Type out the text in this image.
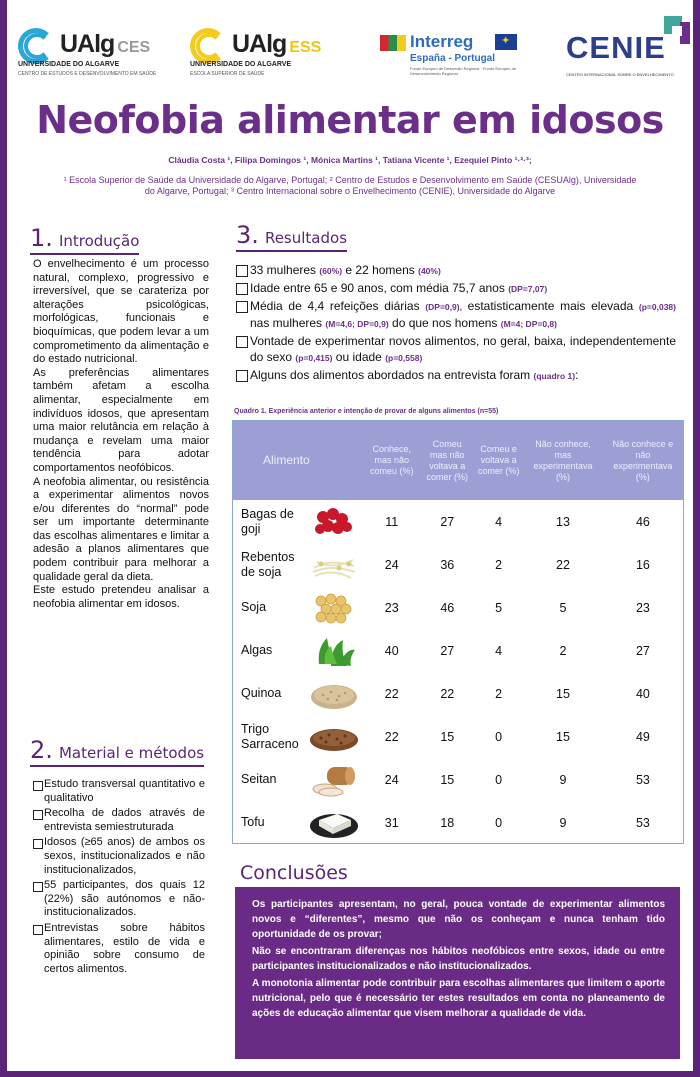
UAlg CES
UNIVERSIDADE DO ALGARVE
CENTRO DE ESTUDOS E DESENVOLVIMENTO EM SAÚDE
UAlg ESS
UNIVERSIDADE DO ALGARVE
ESCOLA SUPERIOR DE SAÚDE
Interreg
✦
España - Portugal
Fondo Europeo de Desarrollo Regional · Fundo Europeu de Desenvolvimento Regional
CENIE
CENTRO INTERNACIONAL SOBRE O ENVELHECIMENTO
Neofobia alimentar em idosos
Cláudia Costa ¹, Filipa Domingos ¹, Mónica Martins ¹, Tatiana Vicente ¹, Ezequiel Pinto ¹·²·³;
¹ Escola Superior de Saúde da Universidade do Algarve, Portugal; ² Centro de Estudos e Desenvolvimento em Saúde (CESUAlg), Universidade do Algarve, Portugal; ³ Centro Internacional sobre o Envelhecimento (CENIE), Universidade do Algarve
1. Introdução
2. Material e métodos
3. Resultados

O envelhecimento é um processo natural, complexo, progressivo e irreversível, que se carateriza por alterações psicológicas, morfológicas, funcionais e bioquímicas, que podem levar a um comprometimento da alimentação e do estado nutricional.

As preferências alimentares também afetam a escolha alimentar, especialmente em indivíduos idosos, que apresentam uma maior relutância em relação à mudança e revelam uma maior tendência para adotar comportamentos neofóbicos.

A neofobia alimentar, ou resistência a experimentar alimentos novos e/ou diferentes do “normal” pode ser um importante determinante das escolhas alimentares e limitar a adesão a planos alimentares que podem contribuir para melhorar a qualidade geral da dieta.

Este estudo pretendeu analisar a neofobia alimentar em idosos.

Estudo transversal quantitativo e qualitativo
Recolha de dados através de entrevista semiestruturada
Idosos (≥65 anos) de ambos os sexos, institucionalizados e não institucionalizados,
55 participantes, dos quais 12 (22%) são autónomos e não-institucionalizados.
Entrevistas sobre hábitos alimentares, estilo de vida e opinião sobre consumo de certos alimentos.
33 mulheres (60%) e 22 homens (40%)
Idade entre 65 e 90 anos, com média 75,7 anos (DP=7,07)
Média de 4,4 refeições diárias (DP=0,9), estatisticamente mais elevada (p=0,038) nas mulheres (M=4,6; DP=0,9) do que nos homens (M=4; DP=0,8)
Vontade de experimentar novos alimentos, no geral, baixa, independentemente do sexo (p=0,415) ou idade (p=0,558)
Alguns dos alimentos abordados na entrevista foram (quadro 1):
Quadro 1. Experiência anterior e intenção de provar de alguns alimentos (n=55)
Alimento	Conhece, mas não comeu (%)	Comeu mas não voltava a comer (%)	Comeu e voltava a comer (%)	Não conhece, mas experimentava (%)	Não conhece e não experimentava (%)
Bagas de goji	11	27	4	13	46
Rebentos de soja	24	36	2	22	16
Soja	23	46	5	5	23
Algas	40	27	4	2	27
Quinoa	22	22	2	15	40
Trigo Sarraceno	22	15	0	15	49
Seitan	24	15	0	9	53
Tofu	31	18	0	9	53
Conclusões

Os participantes apresentam, no geral, pouca vontade de experimentar alimentos novos e “diferentes”, mesmo que não os conheçam e nunca tenham tido oportunidade de os provar;

Não se encontraram diferenças nos hábitos neofóbicos entre sexos, idade ou entre participantes institucionalizados e não institucionalizados.

A monotonia alimentar pode contribuir para escolhas alimentares que limitem o aporte nutricional, pelo que é necessário ter estes resultados em conta no planeamento de ações de educação alimentar que visem melhorar a qualidade de vida.
